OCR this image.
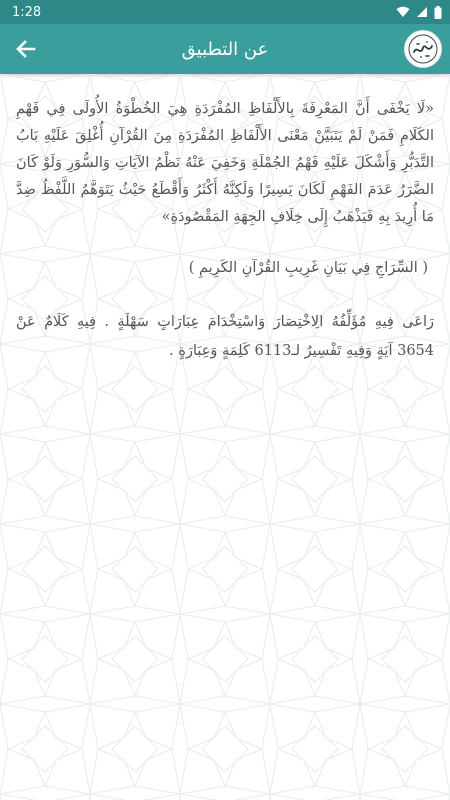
1:28
عن التطبيق

«لَا يَخْفَى أَنَّ المَعْرِفَةَ بِالأَلْفَاظِ المُفْرَدَةِ هِيَ الخُطْوَةُ الأُولَى فِي فَهْمِ الكَلَامِ فَمَنْ لَمْ يَتَبَيَّنْ مَعْنَى الأَلْفَاظِ المُفْرَدَةِ مِنَ القُرْآنِ أُغْلِقَ عَلَيْهِ بَابُ التَّدَبُّرِ وَأَشْكَلَ عَلَيْهِ فَهْمُ الجُمْلَةِ وَخَفِيَ عَنْهُ نَظْمُ الآيَاتِ وَالسُّوَرِ وَلَوْ كَانَ الضَّرَرُ عَدَمَ الفَهْمِ لَكَانَ يَسِيرًا وَلَكِنَّهُ أَكْثَرُ وَأَقْطَعُ حَيْثُ يَتَوَهَّمُ اللَّفْظُ ضِدَّ مَا أُرِيدَ بِهِ فَيَذْهَبُ إِلَى خِلَافِ الجِهَةِ المَقْصُودَةِ»

( السِّرَاجِ فِي بَيَانِ غَرِيبِ القُرْآنِ الكَرِيمِ )

رَاعَى فِيهِ مُؤَلِّفُهُ الِاخْتِصَارَ وَاسْتِخْدَامَ عِبَارَاتٍ سَهْلَةٍ . فِيهِ كَلَامٌ عَنْ 3654 آيَةٍ وَفِيهِ تَفْسِيرٌ لـ6113 كَلِمَةٍ وَعِبَارَةٍ .
